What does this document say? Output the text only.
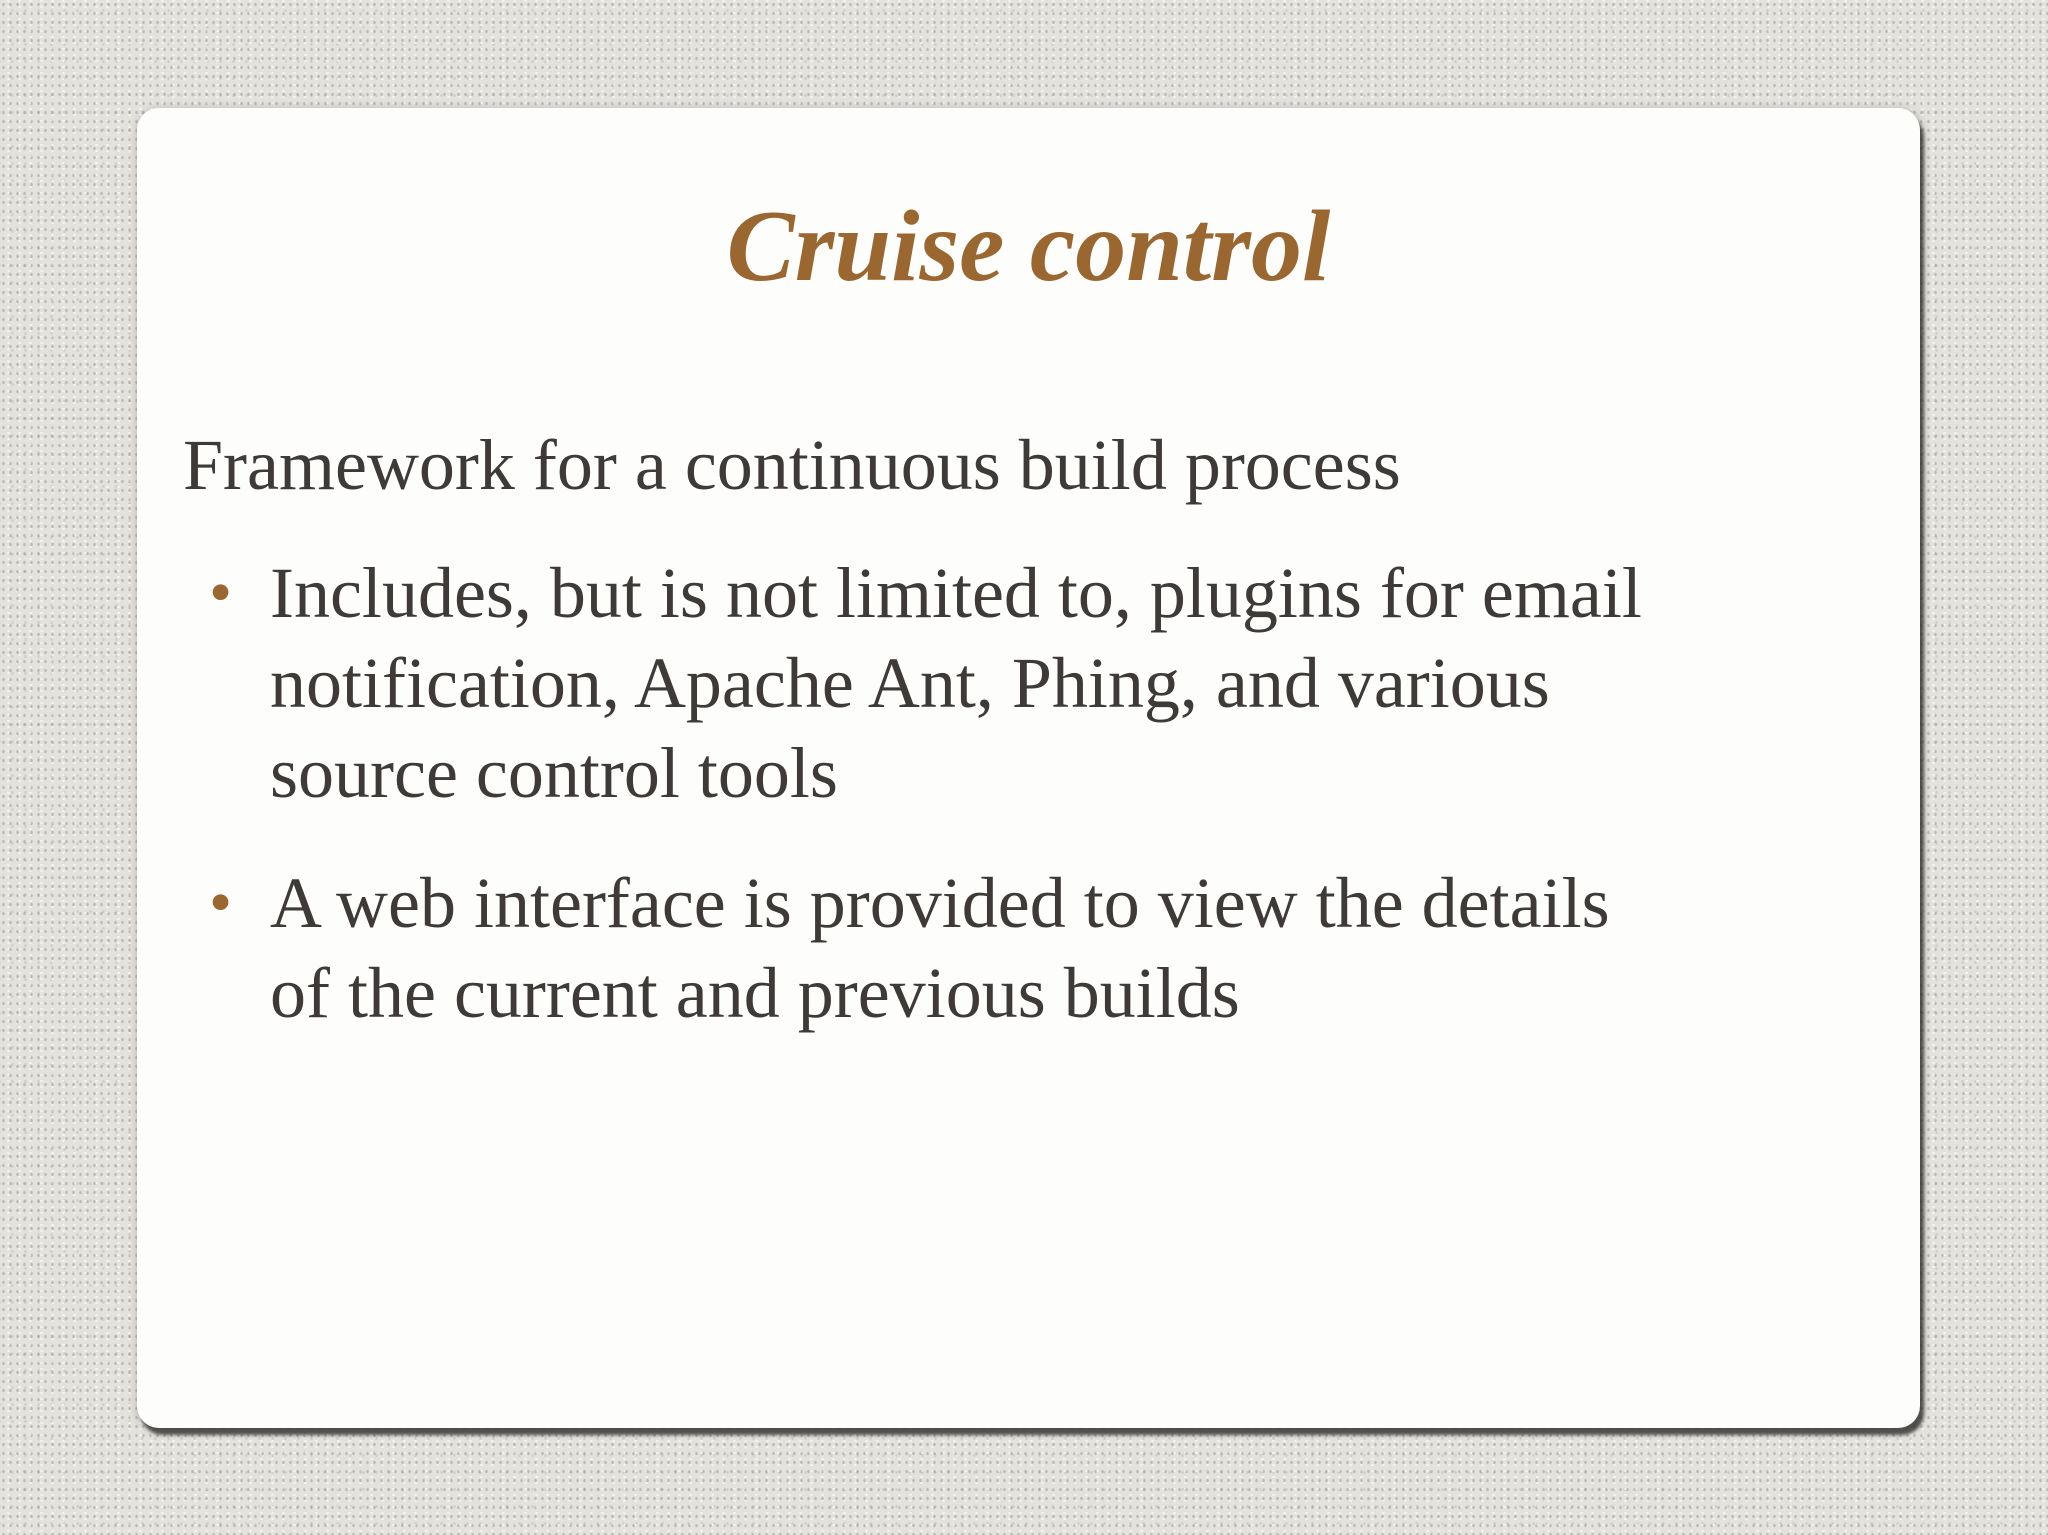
Cruise control

Framework for a continuous build process

• Includes, but is not limited to, plugins for email
notification, Apache Ant, Phing, and various
source control tools
• A web interface is provided to view the details
of the current and previous builds
